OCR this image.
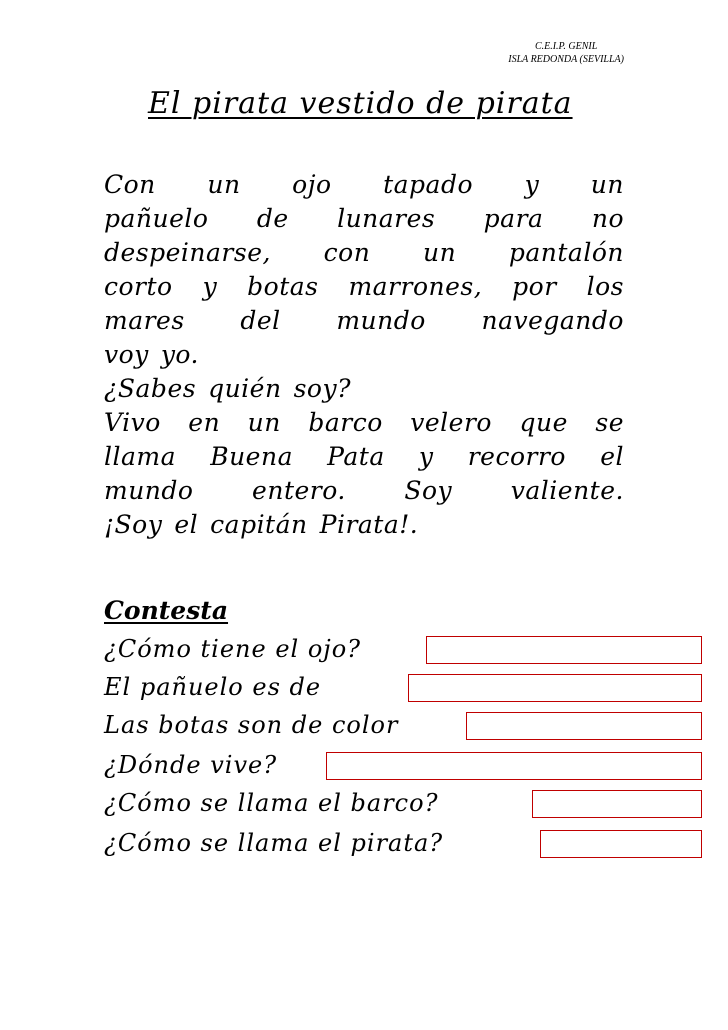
C.E.I.P. GENIL
ISLA REDONDA (SEVILLA)
El pirata vestido de pirata
Con un ojo tapado y un
pañuelo de lunares para no
despeinarse, con un pantalón
corto y botas marrones, por los
mares del mundo navegando
voy yo.
¿Sabes quién soy?
Vivo en un barco velero que se
llama Buena Pata y recorro el
mundo entero. Soy valiente.
¡Soy el capitán Pirata!.
Contesta
¿Cómo tiene el ojo?
El pañuelo es de
Las botas son de color
¿Dónde vive?
¿Cómo se llama el barco?
¿Cómo se llama el pirata?
